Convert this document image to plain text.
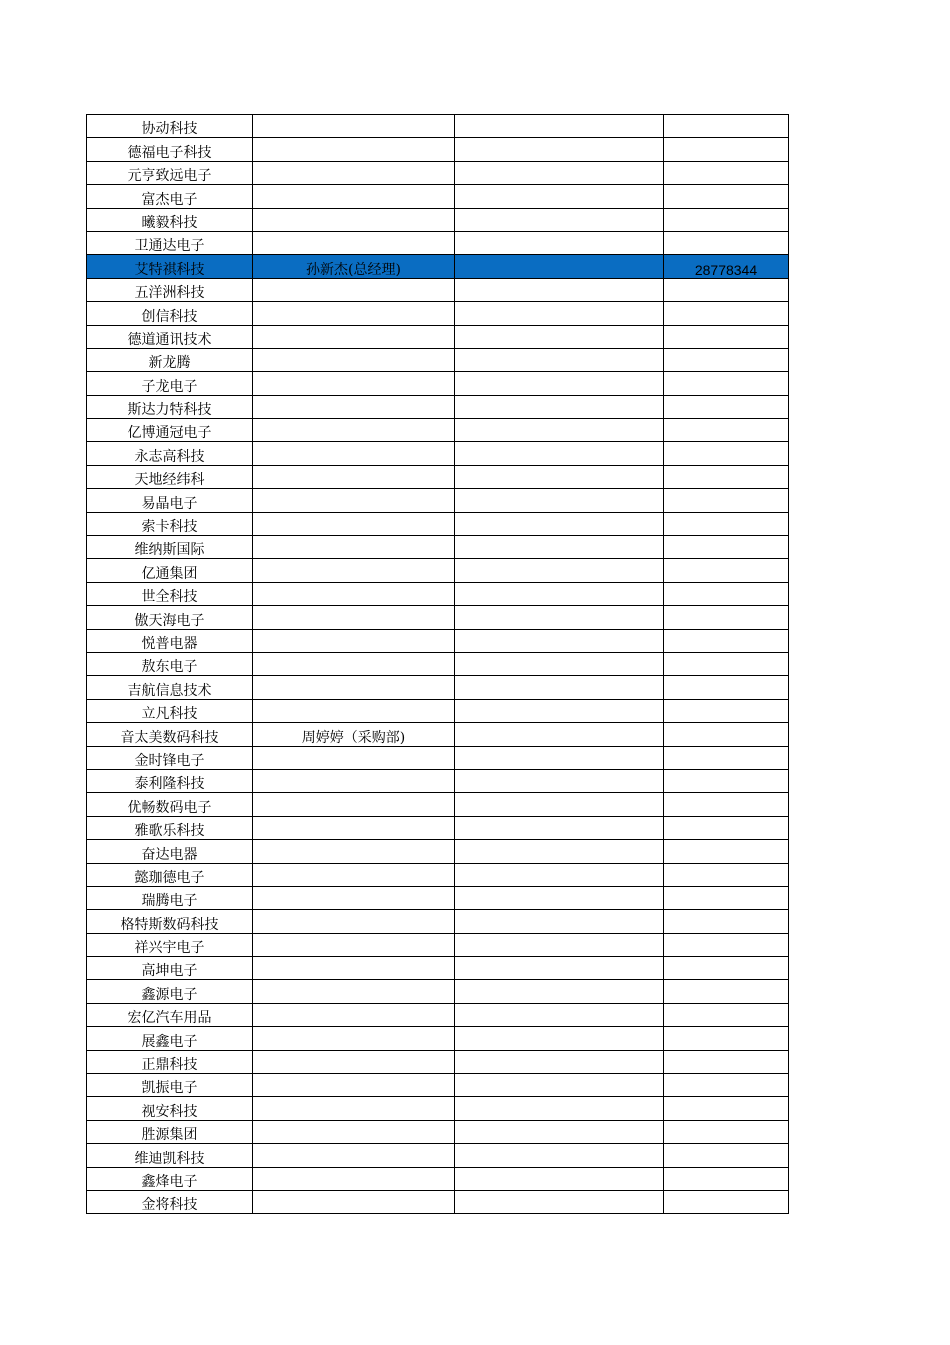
协动科技			
德福电子科技			
元亨致远电子			
富杰电子			
曦毅科技			
卫通达电子			
艾特祺科技	孙新杰(总经理)		28778344
五洋洲科技			
创信科技			
德道通讯技术			
新龙腾			
子龙电子			
斯达力特科技			
亿博通冠电子			
永志高科技			
天地经纬科			
易晶电子			
索卡科技			
维纳斯国际			
亿通集团			
世全科技			
傲天海电子			
悦普电器			
敖东电子			
吉航信息技术			
立凡科技			
音太美数码科技	周婷婷（采购部)		
金时锋电子			
泰利隆科技			
优畅数码电子			
雅歌乐科技			
奋达电器			
懿珈德电子			
瑞腾电子			
格特斯数码科技			
祥兴宇电子			
高坤电子			
鑫源电子			
宏亿汽车用品			
展鑫电子			
正鼎科技			
凯振电子			
视安科技			
胜源集团			
维迪凯科技			
鑫烽电子			
金将科技			
